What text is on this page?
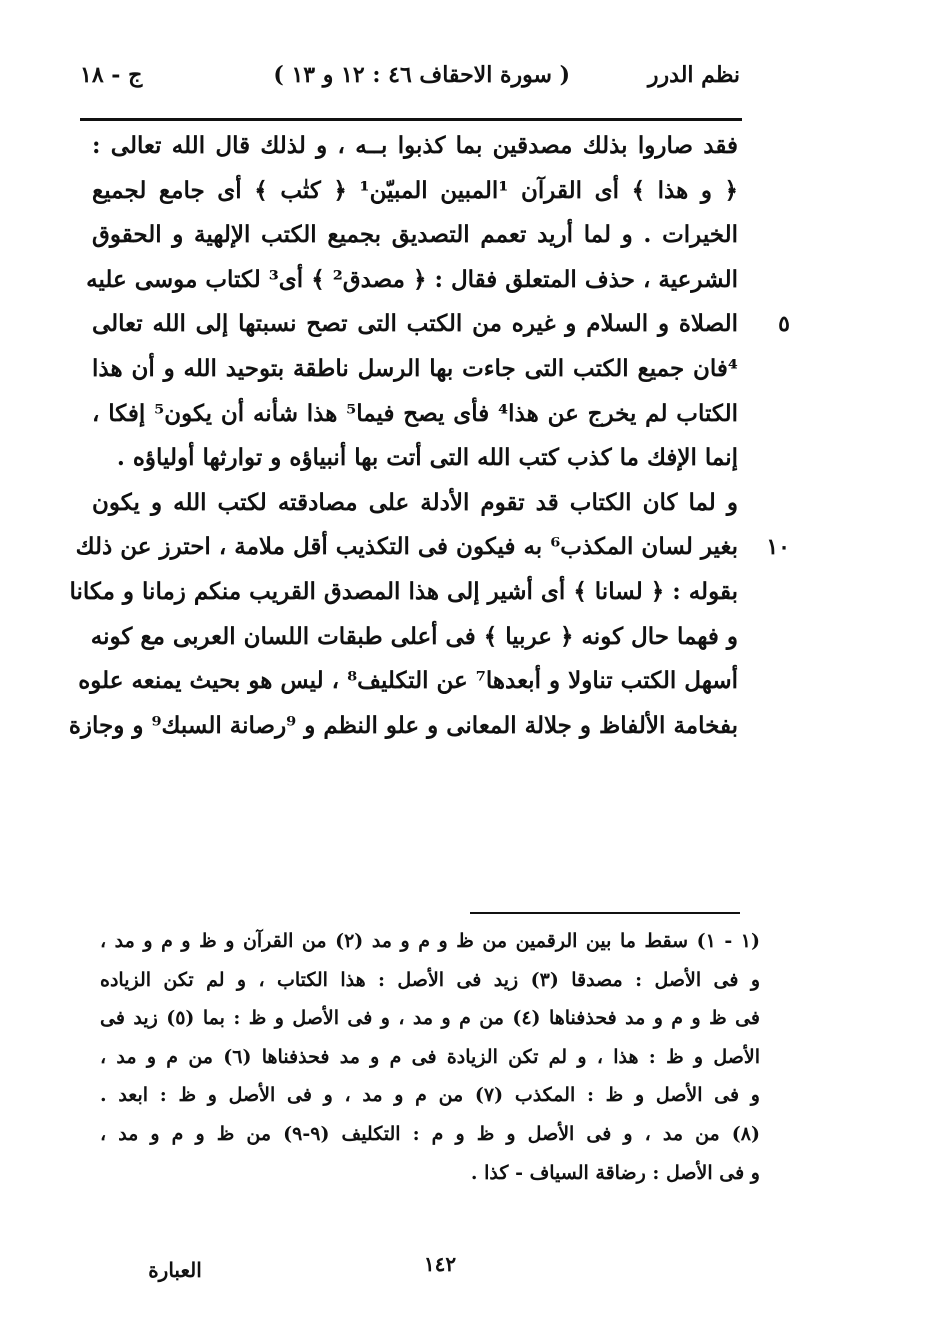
نظم الدرر
( سورة الاحقاف ٤٦ : ١٢ و ١٣ )
ج - ١٨
فقد صاروا بذلك مصدقين بما كذبوا بــه ، و لذلك قال الله تعالى :
﴿ و هذا ﴾ أى القرآن ¹المبين المبيّن¹ ﴿ كتٰب ﴾ أى جامع لجميع
الخيرات . و لما أريد تعمم التصديق بجميع الكتب الإلهية و الحقوق
الشرعية ، حذف المتعلق فقال : ﴿ مصدق² ﴾ أى³ لكتاب موسى عليه
٥
الصلاة و السلام و غيره من الكتب التى تصح نسبتها إلى الله تعالى
⁴فان جميع الكتب التى جاءت بها الرسل ناطقة بتوحيد الله و أن هذا
الكتاب لم يخرج عن هذا⁴ فأى يصح فيما⁵ هذا شأنه أن يكون⁵ إفكا ،
إنما الإفك ما كذب كتب الله التى أتت بها أنبياؤه و توارثها أولياؤه .
و لما كان الكتاب قد تقوم الأدلة على مصادقته لكتب الله و يكون
١٠
بغير لسان المكذب⁶ به فيكون فى التكذيب أقل ملامة ، احترز عن ذلك
بقوله : ﴿ لسانا ﴾ أى أشير إلى هذا المصدق القريب منكم زمانا و مكانا
و فهما حال كونه ﴿ عربيا ﴾ فى أعلى طبقات اللسان العربى مع كونه
أسهل الكتب تناولا و أبعدها⁷ عن التكليف⁸ ، ليس هو بحيث يمنعه علوه
بفخامة الألفاظ و جلالة المعانى و علو النظم و ⁹رصانة السبك⁹ و وجازة
(١ - ١) سقط ما بين الرقمين من ظ و م و مد (٢) من القرآن و ظ و م و مد ،
و فى الأصل : مصدقا (٣) زيد فى الأصل : هذا الكتاب ، و لم تكن الزياده
فى ظ و م و مد فحذفناها (٤) من م و مد ، و فى الأصل و ظ : بما (٥) زيد فى
الأصل و ظ : هذا ، و لم تكن الزيادة فى م و مد فحذفناها (٦) من م و مد ،
و فى الأصل و ظ : المكذب (٧) من م و مد ، و فى الأصل و ظ : ابعد .
(٨) من مد ، و فى الأصل و ظ و م : التكليف (٩-٩) من ظ و م و مد ،
و فى الأصل : رضاقة السياف - كذا .
١٤٢
العبارة
